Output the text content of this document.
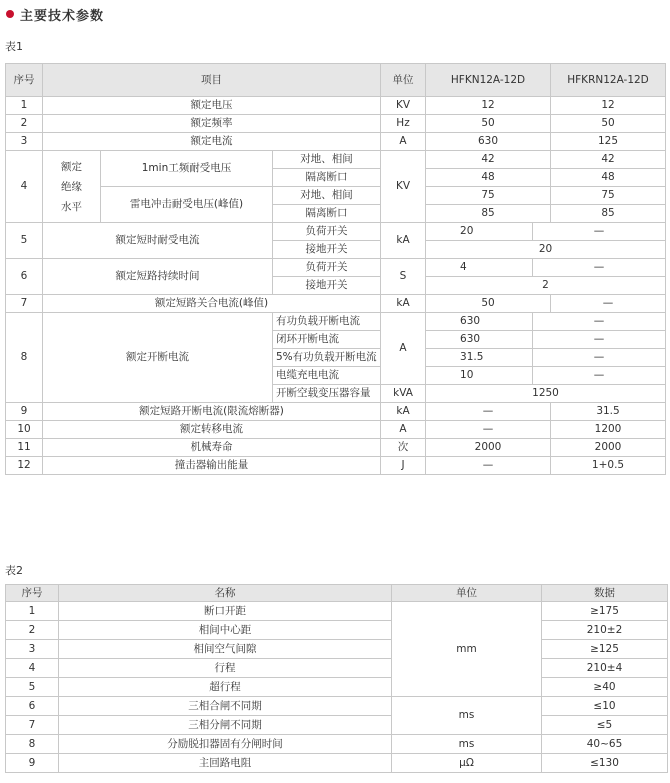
主要技术参数
表1
序号	项目			单位	HFKN12A-12D		HFKRN12A-12D
1	额定电压			KV	12		12
2	额定频率			Hz	50		50
3	额定电流			A	630		125
4	额定
绝缘
水平	1min工频耐受电压	对地、相间	KV	42		42
			隔离断口		48		48
		雷电冲击耐受电压(峰值)	对地、相间		75		75
			隔离断口		85		85
5	额定短时耐受电流		负荷开关	kA	20	—	
			接地开关		20		
6	额定短路持续时间		负荷开关	S	4	—	
			接地开关		2		
7	额定短路关合电流(峰值)			kA	50		—
8	额定开断电流		有功负载开断电流	A	630	—	
			闭环开断电流		630	—	
			5%有功负载开断电流		31.5	—	
			电缆充电电流		10	—	
			开断空载变压器容量	kVA	1250		
9	额定短路开断电流(限流熔断器)			kA	—		31.5
10	额定转移电流			A	—		1200
11	机械寿命			次	2000		2000
12	撞击器输出能量			J	—		1+0.5
表2
序号	名称	单位	数据
1	断口开距	mm	≥175
2	相间中心距		210±2
3	相间空气间隙		≥125
4	行程		210±4
5	超行程		≥40
6	三相合闸不同期	ms	≤10
7	三相分闸不同期		≤5
8	分励脱扣器固有分闸时间	ms	40~65
9	主回路电阻	μΩ	≤130
